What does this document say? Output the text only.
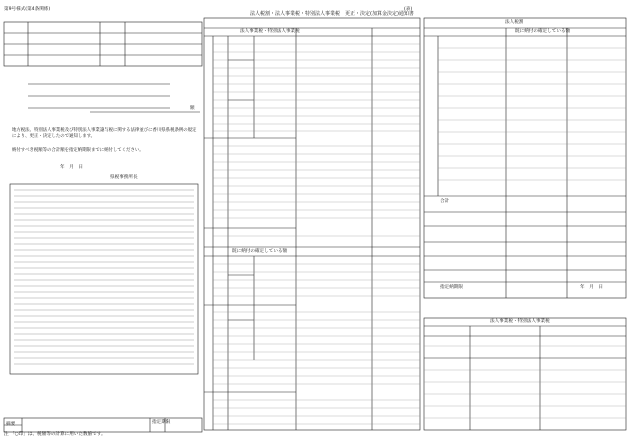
第9号様式(第4条関係)	(表)
法人税割・法人事業税・特別法人事業税　更正・決定(加算金決定)通知書
額
地方税法、特別法人事業税及び特別法人事業譲与税に関する法律並びに香川県県税条例の規定により、更正・決定したので通知します。
納付すべき税額等の合計額を指定納期限までに納付してください。
年　月　日
県税事務所長
摘要	指定期限
法人事業税・特別法人事業税
既に納付の確定している額
法人税割
既に納付の確定している額
合計
指定納期限	年　月　日
法人事業税・特別法人事業税
注 「○印」は、税額等の計算に用いた数値です。
